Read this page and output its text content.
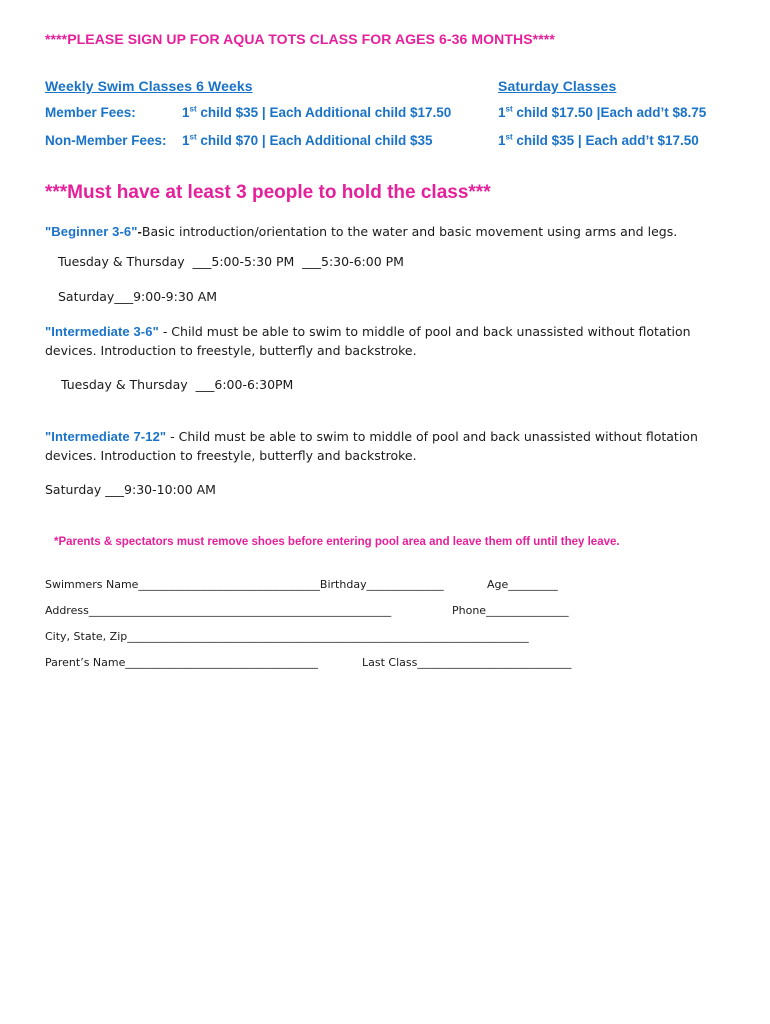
****PLEASE SIGN UP FOR AQUA TOTS CLASS FOR AGES 6-36 MONTHS****
Weekly Swim Classes 6 Weeks	Saturday Classes
Member Fees:	1st child $35 | Each Additional child $17.50	1st child $17.50 |Each add’t $8.75
Non-Member Fees: 1st child $70 | Each Additional child $35	1st child $35 | Each add’t $17.50
***Must have at least 3 people to hold the class***
"Beginner 3-6"-Basic introduction/orientation to the water and basic movement using arms and legs.
Tuesday & Thursday  ___5:00-5:30 PM  ___5:30-6:00 PM
Saturday___9:00-9:30 AM
"Intermediate 3-6" - Child must be able to swim to middle of pool and back unassisted without flotation devices. Introduction to freestyle, butterfly and backstroke.
Tuesday & Thursday  ___6:00-6:30PM
"Intermediate 7-12" - Child must be able to swim to middle of pool and back unassisted without flotation devices. Introduction to freestyle, butterfly and backstroke.
Saturday ___9:30-10:00 AM
*Parents & spectators must remove shoes before entering pool area and leave them off until they leave.
Swimmers Name_________________________________Birthday______________	Age_________
Address_______________________________________________________	Phone_______________
City, State, Zip_________________________________________________________________________
Parent’s Name___________________________________	Last Class____________________________
